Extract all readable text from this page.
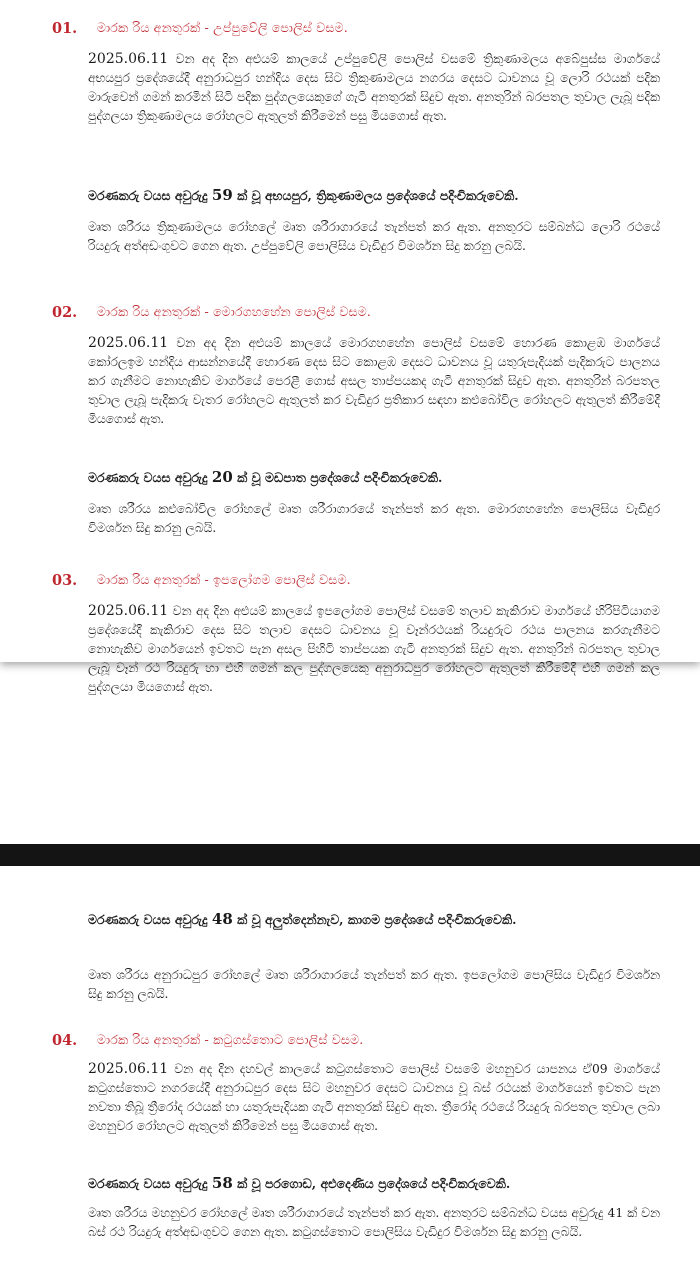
01. මාරක රිය අනතුරක් - උප්පුවේලි පොලිස් වසම.

2025.06.11 වන අද දින අළුයම් කාලයේ උප්පුවේලි පොලිස් වසමේ ත්‍රිකුණාමලය අබේපුස්ස මාර්ගයේ අභයපුර ප්‍රදේශයේදී අනුරාධපුර හන්දිය දෙස සිට ත්‍රිකුණාමලය නගරය දෙසට ධාවනය වූ ලොරි රථයක් පදික මාරුවෙන් ගමන් කරමින් සිටි පදික පුද්ගලයෙකුගේ ගැටී අනතුරක් සිදුව ඇත. අනතුරින් බරපතල තුවාල ලැබූ පදික පුද්ගලයා ත්‍රිකුණාමලය රෝහලට ඇතුලත් කිරීමෙන් පසු මියගොස් ඇත.

මරණකරු වයස අවුරුදු 59 ක් වූ අභයපුර, ත්‍රිකුණාමලය ප්‍රදේශයේ පදිංචිකරුවෙකි.

මෘත ශරීරය ත්‍රිකුණාමලය රෝහලේ මෘත ශරීරාගාරයේ තැන්පත් කර ඇත. අනතුරට සම්බන්ධ ලොරි රථයේ රියදුරු අත්අඩංගුවට ගෙන ඇත. උප්පුවේලි පොලිසිය වැඩිදුර විමර්ශන සිදු කරනු ලබයි.

02. මාරක රිය අනතුරක් - මොරගහහේන පොලිස් වසම.

2025.06.11 වන අද දින අළුයම් කාලයේ මොරගහහේන පොලිස් වසමේ හොරණ කොළඹ මාර්ගයේ කෝරලඉම හන්දිය ආසන්නයේදී හොරණ දෙස සිට කොළඹ දෙසට ධාවනය වූ යතුරුපැදියක් පැදිකරුට පාලනය කර ගැනීමට නොහැකිව මාර්ගයේ පෙරළී ගොස් අසල තාප්පයකද ගැටී අනතුරක් සිදුව ඇත. අනතුරින් බරපතල තුවාල ලැබූ පැදිකරු වැතර රෝහලට ඇතුලත් කර වැඩිදුර ප්‍රතිකාර සඳහා කළුබෝවිල රෝහලට ඇතුලත් කිරීමේදී මියගොස් ඇත.

මරණකරු වයස අවුරුදු 20 ක් වූ මඩපාත ප්‍රදේශයේ පදිංචිකරුවෙකි.

මෘත ශරීරය කළුබෝවිල රෝහලේ මෘත ශරීරාගාරයේ තැන්පත් කර ඇත. මොරගහහේන පොලිසිය වැඩිදුර විමර්ශන සිදු කරනු ලබයි.

03. මාරක රිය අනතුරක් - ඉපලෝගම පොලිස් වසම.

2025.06.11 වන අද දින අළුයම් කාලයේ ඉපලෝගම පොලිස් වසමේ තලාව කැකිරාව මාර්ගයේ හිරිපිටියාගම ප්‍රදේශයේදී කැකිරාව දෙස සිට තලාව දෙසට ධාවනය වූ වෑන්රථයක් රියදුරුට රථය පාලනය කරගැනීමට නොහැකිව මාර්ගයෙන් ඉවතට පැන අසල පිහිටි තාප්පයක ගැටී අනතුරක් සිදුව ඇත. අනතුරින් බරපතල තුවාල ලැබූ වෑන් රථ රියදුරු හා එහි ගමන් කල පුද්ගලයෙකු අනුරාධපුර රෝහලට ඇතුලත් කිරීමේදී එහි ගමන් කල පුද්ගලයා මියගොස් ඇත.

මරණකරු වයස අවුරුදු 48 ක් වූ අලුත්දෙන්නැව, කාගම ප්‍රදේශයේ පදිංචිකරුවෙකි.

මෘත ශරීරය අනුරාධපුර රෝහලේ මෘත ශරීරාගාරයේ තැන්පත් කර ඇත. ඉපලෝගම පොලිසිය වැඩිදුර විමර්ශන සිදු කරනු ලබයි.

04. මාරක රිය අනතුරක් - කටුගස්තොට පොලිස් වසම.

2025.06.11 වන අද දින දහවල් කාලයේ කටුගස්තොට පොලිස් වසමේ මහනුවර යාපනය ඒ09 මාර්ගයේ කටුගස්තොට නගරයේදී අනුරාධපුර දෙස සිට මහනුවර දෙසට ධාවනය වූ බස් රථයක් මාර්ගයෙන් ඉවතට පැන නවතා තිබූ ත්‍රීරෝද රථයක් හා යතුරුපැදියක ගැටී අනතුරක් සිදුව ඇත. ත්‍රීරෝද රථයේ රියදුරු බරපතල තුවාල ලබා මහනුවර රෝහලට ඇතුලත් කිරීමෙන් පසු මියගොස් ඇත.

මරණකරු වයස අවුරුදු 58 ක් වූ පරගොඩ, අළුදෙණිය ප්‍රදේශයේ පදිංචිකරුවෙකි.

මෘත ශරීරය මහනුවර රෝහලේ මෘත ශරීරාගාරයේ තැන්පත් කර ඇත. අනතුරට සම්බන්ධ වයස අවුරුදු 41 ක් වන බස් රථ රියදුරු අත්අඩංගුවට ගෙන ඇත. කටුගස්තොට පොලිසිය වැඩිදුර විමර්ශන සිදු කරනු ලබයි.
